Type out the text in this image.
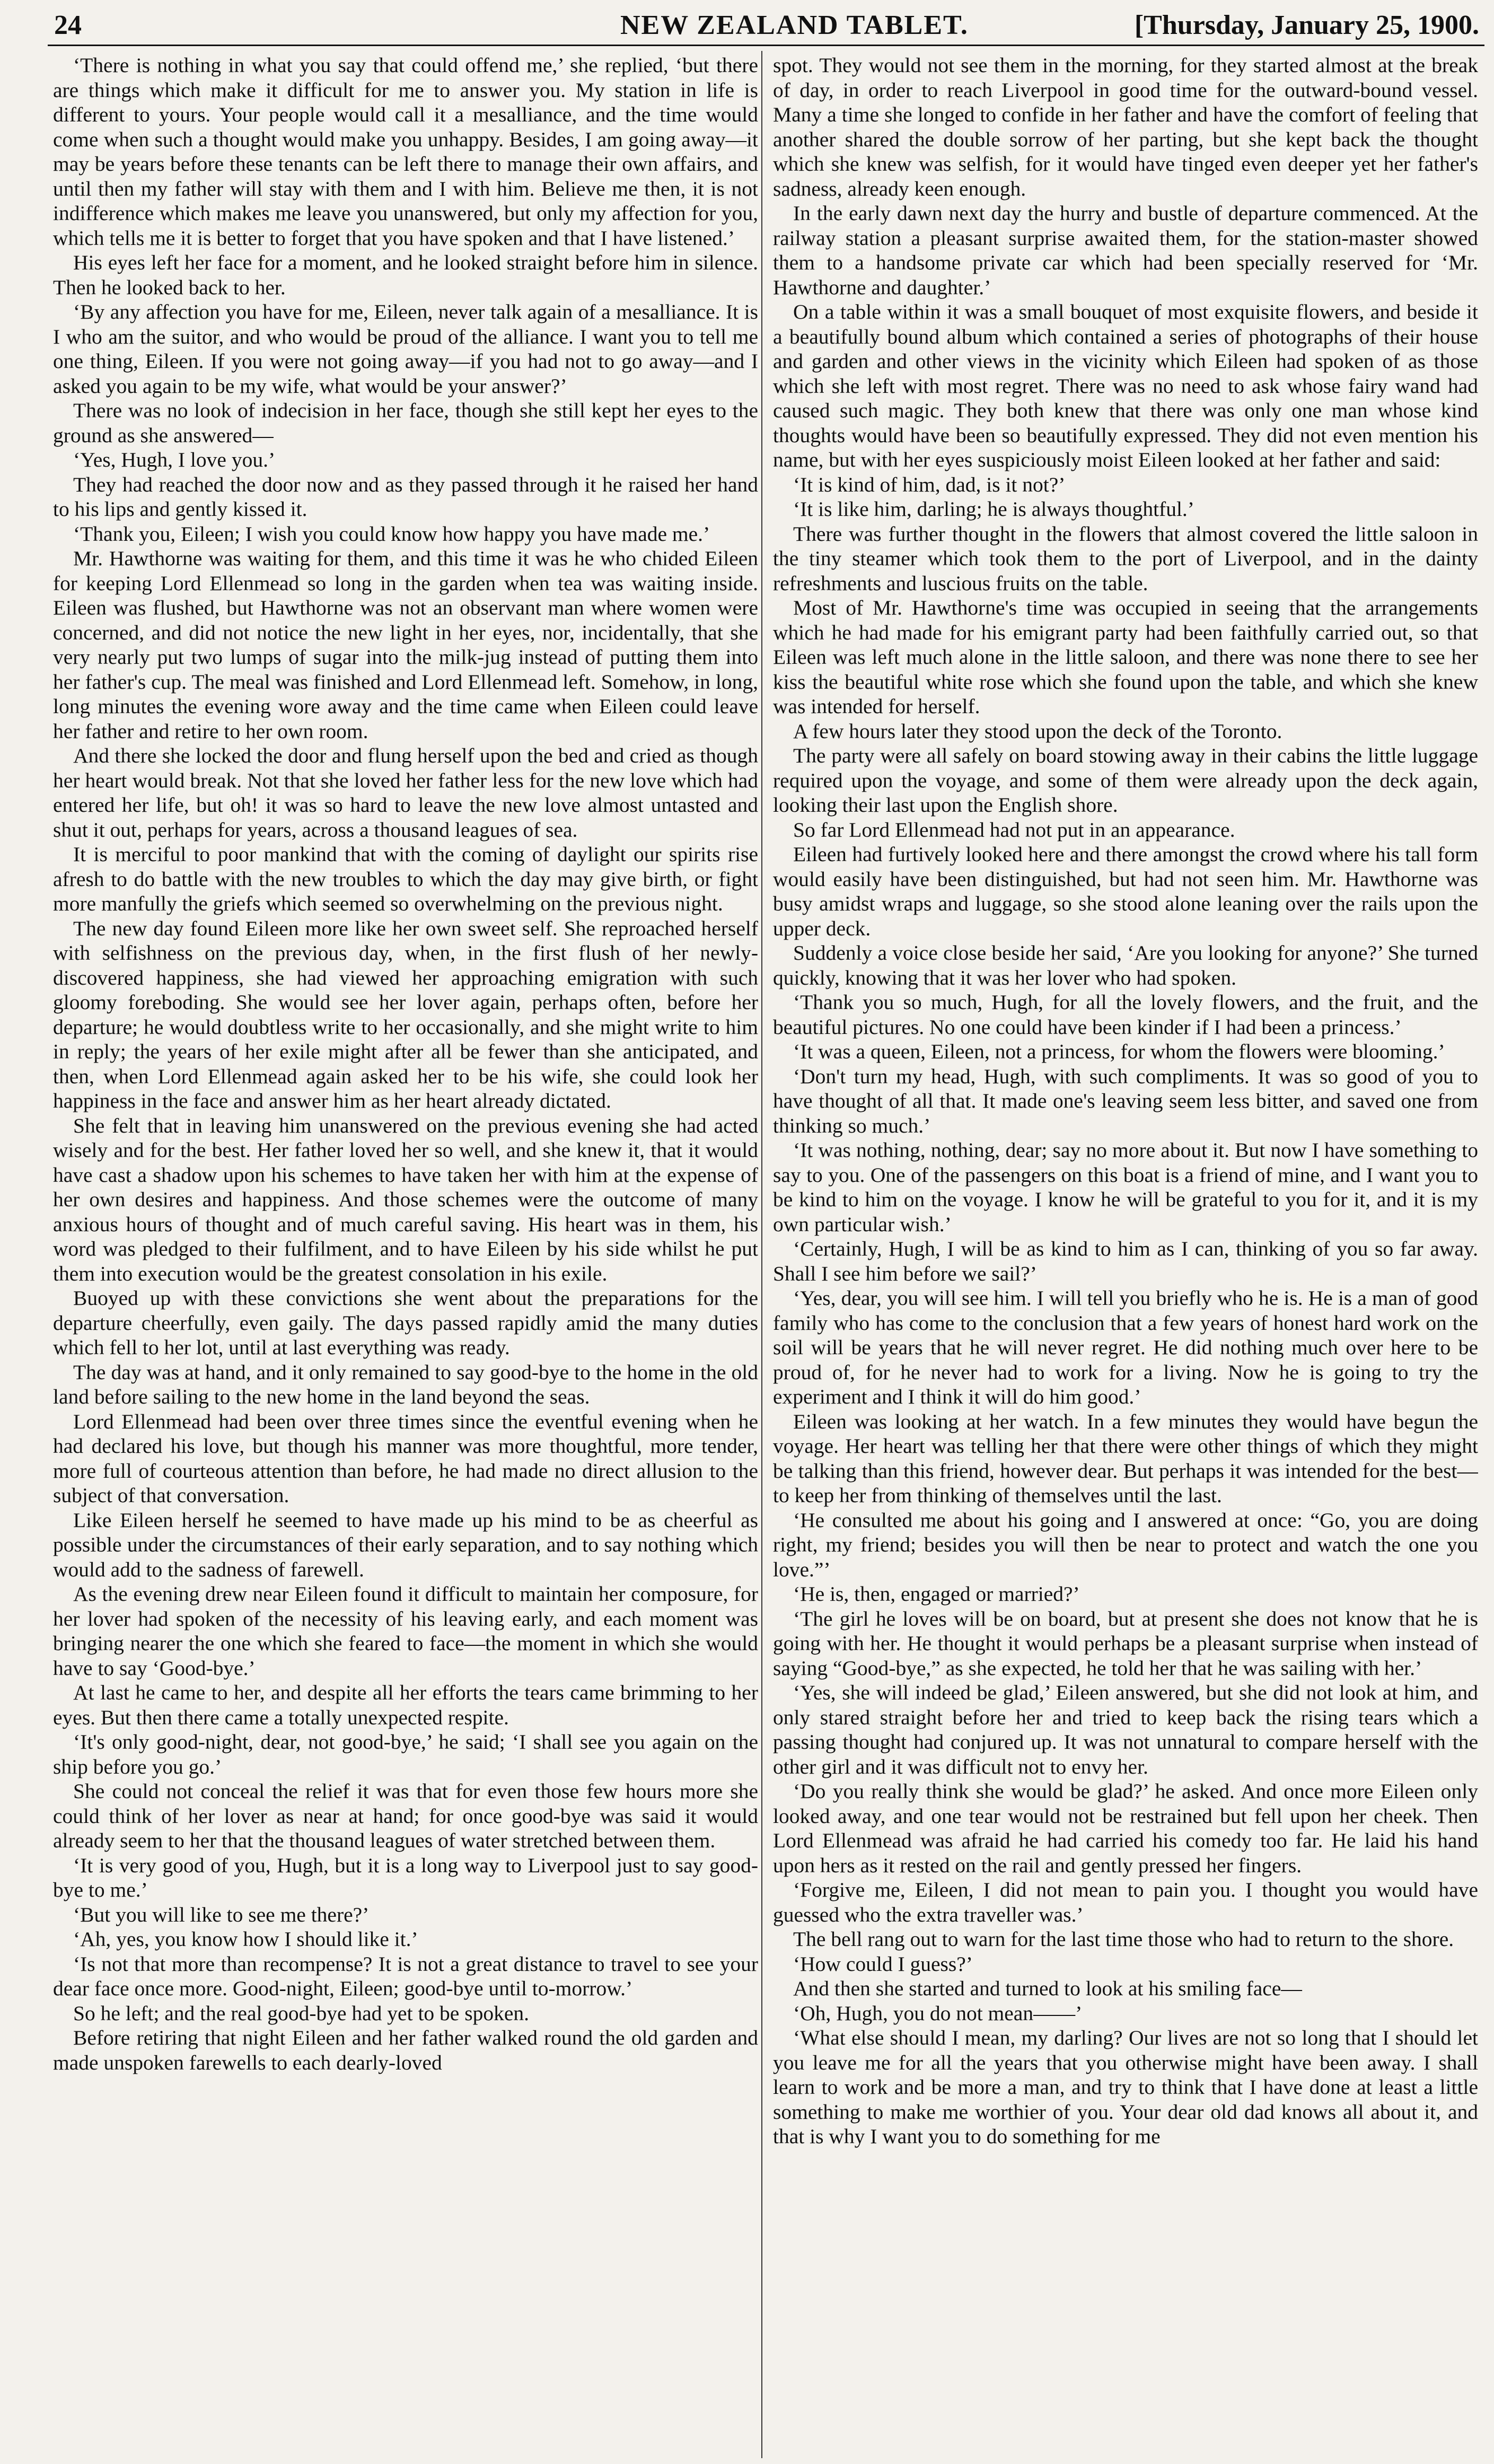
24	NEW ZEALAND TABLET.	[Thursday, January 25, 1900.

‘There is nothing in what you say that could offend me,’ she replied, ‘but there are things which make it difficult for me to answer you. My station in life is different to yours. Your people would call it a mesalliance, and the time would come when such a thought would make you unhappy. Besides, I am going away—it may be years before these tenants can be left there to manage their own affairs, and until then my father will stay with them and I with him. Believe me then, it is not indifference which makes me leave you unanswered, but only my affection for you, which tells me it is better to forget that you have spoken and that I have listened.’

His eyes left her face for a moment, and he looked straight before him in silence. Then he looked back to her.

‘By any affection you have for me, Eileen, never talk again of a mesalliance. It is I who am the suitor, and who would be proud of the alliance. I want you to tell me one thing, Eileen. If you were not going away—if you had not to go away—and I asked you again to be my wife, what would be your answer?’

There was no look of indecision in her face, though she still kept her eyes to the ground as she answered—

‘Yes, Hugh, I love you.’

They had reached the door now and as they passed through it he raised her hand to his lips and gently kissed it.

‘Thank you, Eileen; I wish you could know how happy you have made me.’

Mr. Hawthorne was waiting for them, and this time it was he who chided Eileen for keeping Lord Ellenmead so long in the garden when tea was waiting inside. Eileen was flushed, but Hawthorne was not an observant man where women were concerned, and did not notice the new light in her eyes, nor, incidentally, that she very nearly put two lumps of sugar into the milk-jug instead of putting them into her father's cup. The meal was finished and Lord Ellenmead left. Somehow, in long, long minutes the evening wore away and the time came when Eileen could leave her father and retire to her own room.

And there she locked the door and flung herself upon the bed and cried as though her heart would break. Not that she loved her father less for the new love which had entered her life, but oh! it was so hard to leave the new love almost untasted and shut it out, perhaps for years, across a thousand leagues of sea.

It is merciful to poor mankind that with the coming of daylight our spirits rise afresh to do battle with the new troubles to which the day may give birth, or fight more manfully the griefs which seemed so overwhelming on the previous night.

The new day found Eileen more like her own sweet self. She reproached herself with selfishness on the previous day, when, in the first flush of her newly-discovered happiness, she had viewed her approaching emigration with such gloomy foreboding. She would see her lover again, perhaps often, before her departure; he would doubtless write to her occasionally, and she might write to him in reply; the years of her exile might after all be fewer than she anticipated, and then, when Lord Ellenmead again asked her to be his wife, she could look her happiness in the face and answer him as her heart already dictated.

She felt that in leaving him unanswered on the previous evening she had acted wisely and for the best. Her father loved her so well, and she knew it, that it would have cast a shadow upon his schemes to have taken her with him at the expense of her own desires and happiness. And those schemes were the outcome of many anxious hours of thought and of much careful saving. His heart was in them, his word was pledged to their fulfilment, and to have Eileen by his side whilst he put them into execution would be the greatest consolation in his exile.

Buoyed up with these convictions she went about the preparations for the departure cheerfully, even gaily. The days passed rapidly amid the many duties which fell to her lot, until at last everything was ready.

The day was at hand, and it only remained to say good-bye to the home in the old land before sailing to the new home in the land beyond the seas.

Lord Ellenmead had been over three times since the eventful evening when he had declared his love, but though his manner was more thoughtful, more tender, more full of courteous attention than before, he had made no direct allusion to the subject of that conversation.

Like Eileen herself he seemed to have made up his mind to be as cheerful as possible under the circumstances of their early separation, and to say nothing which would add to the sadness of farewell.

As the evening drew near Eileen found it difficult to maintain her composure, for her lover had spoken of the necessity of his leaving early, and each moment was bringing nearer the one which she feared to face—the moment in which she would have to say ‘Good-bye.’

At last he came to her, and despite all her efforts the tears came brimming to her eyes. But then there came a totally unexpected respite.

‘It's only good-night, dear, not good-bye,’ he said; ‘I shall see you again on the ship before you go.’

She could not conceal the relief it was that for even those few hours more she could think of her lover as near at hand; for once good-bye was said it would already seem to her that the thousand leagues of water stretched between them.

‘It is very good of you, Hugh, but it is a long way to Liverpool just to say good-bye to me.’

‘But you will like to see me there?’

‘Ah, yes, you know how I should like it.’

‘Is not that more than recompense? It is not a great distance to travel to see your dear face once more. Good-night, Eileen; good-bye until to-morrow.’

So he left; and the real good-bye had yet to be spoken.

Before retiring that night Eileen and her father walked round the old garden and made unspoken farewells to each dearly-loved

spot. They would not see them in the morning, for they started almost at the break of day, in order to reach Liverpool in good time for the outward-bound vessel. Many a time she longed to confide in her father and have the comfort of feeling that another shared the double sorrow of her parting, but she kept back the thought which she knew was selfish, for it would have tinged even deeper yet her father's sadness, already keen enough.

In the early dawn next day the hurry and bustle of departure commenced. At the railway station a pleasant surprise awaited them, for the station-master showed them to a handsome private car which had been specially reserved for ‘Mr. Hawthorne and daughter.’

On a table within it was a small bouquet of most exquisite flowers, and beside it a beautifully bound album which contained a series of photographs of their house and garden and other views in the vicinity which Eileen had spoken of as those which she left with most regret. There was no need to ask whose fairy wand had caused such magic. They both knew that there was only one man whose kind thoughts would have been so beautifully expressed. They did not even mention his name, but with her eyes suspiciously moist Eileen looked at her father and said:

‘It is kind of him, dad, is it not?’

‘It is like him, darling; he is always thoughtful.’

There was further thought in the flowers that almost covered the little saloon in the tiny steamer which took them to the port of Liverpool, and in the dainty refreshments and luscious fruits on the table.

Most of Mr. Hawthorne's time was occupied in seeing that the arrangements which he had made for his emigrant party had been faithfully carried out, so that Eileen was left much alone in the little saloon, and there was none there to see her kiss the beautiful white rose which she found upon the table, and which she knew was intended for herself.

A few hours later they stood upon the deck of the Toronto.

The party were all safely on board stowing away in their cabins the little luggage required upon the voyage, and some of them were already upon the deck again, looking their last upon the English shore.

So far Lord Ellenmead had not put in an appearance.

Eileen had furtively looked here and there amongst the crowd where his tall form would easily have been distinguished, but had not seen him. Mr. Hawthorne was busy amidst wraps and luggage, so she stood alone leaning over the rails upon the upper deck.

Suddenly a voice close beside her said, ‘Are you looking for anyone?’ She turned quickly, knowing that it was her lover who had spoken.

‘Thank you so much, Hugh, for all the lovely flowers, and the fruit, and the beautiful pictures. No one could have been kinder if I had been a princess.’

‘It was a queen, Eileen, not a princess, for whom the flowers were blooming.’

‘Don't turn my head, Hugh, with such compliments. It was so good of you to have thought of all that. It made one's leaving seem less bitter, and saved one from thinking so much.’

‘It was nothing, nothing, dear; say no more about it. But now I have something to say to you. One of the passengers on this boat is a friend of mine, and I want you to be kind to him on the voyage. I know he will be grateful to you for it, and it is my own particular wish.’

‘Certainly, Hugh, I will be as kind to him as I can, thinking of you so far away. Shall I see him before we sail?’

‘Yes, dear, you will see him. I will tell you briefly who he is. He is a man of good family who has come to the conclusion that a few years of honest hard work on the soil will be years that he will never regret. He did nothing much over here to be proud of, for he never had to work for a living. Now he is going to try the experiment and I think it will do him good.’

Eileen was looking at her watch. In a few minutes they would have begun the voyage. Her heart was telling her that there were other things of which they might be talking than this friend, however dear. But perhaps it was intended for the best—to keep her from thinking of themselves until the last.

‘He consulted me about his going and I answered at once: “Go, you are doing right, my friend; besides you will then be near to protect and watch the one you love.”’

‘He is, then, engaged or married?’

‘The girl he loves will be on board, but at present she does not know that he is going with her. He thought it would perhaps be a pleasant surprise when instead of saying “Good-bye,” as she expected, he told her that he was sailing with her.’

‘Yes, she will indeed be glad,’ Eileen answered, but she did not look at him, and only stared straight before her and tried to keep back the rising tears which a passing thought had conjured up. It was not unnatural to compare herself with the other girl and it was difficult not to envy her.

‘Do you really think she would be glad?’ he asked. And once more Eileen only looked away, and one tear would not be restrained but fell upon her cheek. Then Lord Ellenmead was afraid he had carried his comedy too far. He laid his hand upon hers as it rested on the rail and gently pressed her fingers.

‘Forgive me, Eileen, I did not mean to pain you. I thought you would have guessed who the extra traveller was.’

The bell rang out to warn for the last time those who had to return to the shore.

‘How could I guess?’

And then she started and turned to look at his smiling face—

‘Oh, Hugh, you do not mean——’

‘What else should I mean, my darling? Our lives are not so long that I should let you leave me for all the years that you otherwise might have been away. I shall learn to work and be more a man, and try to think that I have done at least a little something to make me worthier of you. Your dear old dad knows all about it, and that is why I want you to do something for me
